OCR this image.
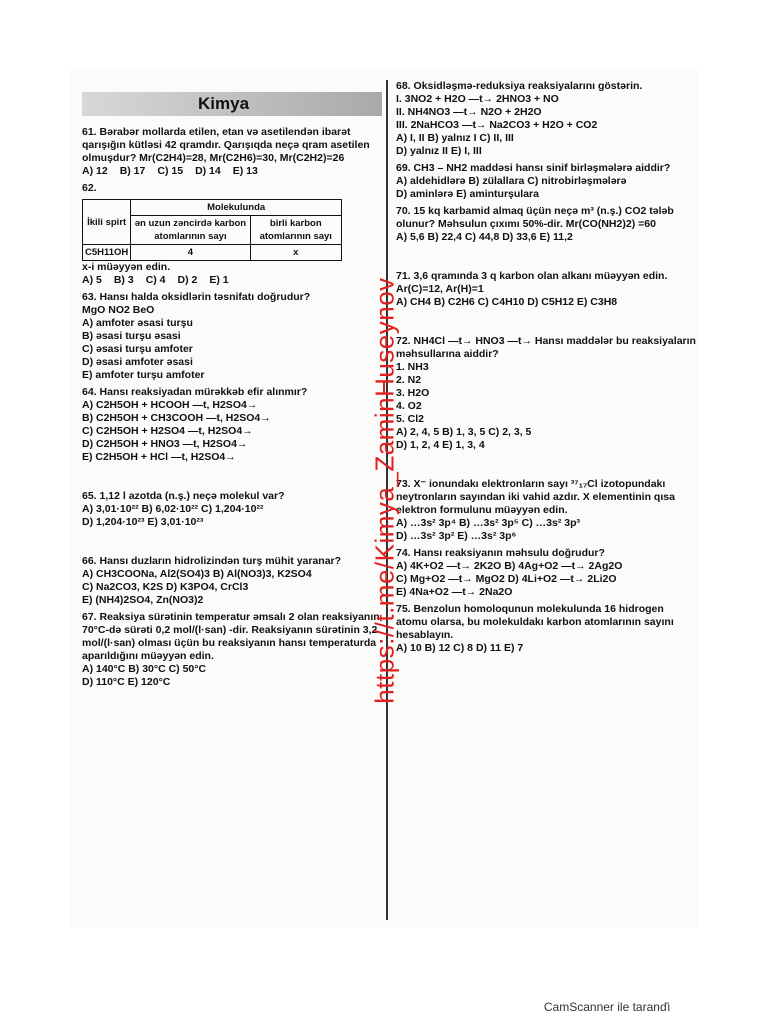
Kimya
61. Bərabər mollarda etilen, etan və asetilendən ibarət qarışığın kütləsi 42 qramdır. Qarışıqda neçə qram asetilen olmuşdur? Mr(C2H4)=28, Mr(C2H6)=30, Mr(C2H2)=26
A) 12 B) 17 C) 15 D) 14 E) 13
62.
İkili spirt	Molekulunda	
	ən uzun zəncirdə karbon atomlarının sayı	birli karbon atomlarının sayı
C5H11OH	4	x
x-i müəyyən edin.
A) 5 B) 3 C) 4 D) 2 E) 1
63. Hansı halda oksidlərin təsnifatı doğrudur?
MgO NO2 BeO
A) amfoter əsasi turşu
B) əsasi turşu əsasi
C) əsasi turşu amfoter
D) əsasi amfoter əsasi
E) amfoter turşu amfoter
64. Hansı reaksiyadan mürəkkəb efir alınmır?
A) C2H5OH + HCOOH —t, H2SO4→
B) C2H5OH + CH3COOH —t, H2SO4→
C) C2H5OH + H2SO4 —t, H2SO4→
D) C2H5OH + HNO3 —t, H2SO4→
E) C2H5OH + HCl —t, H2SO4→
65. 1,12 l azotda (n.ş.) neçə molekul var?
A) 3,01·10²² B) 6,02·10²² C) 1,204·10²²
D) 1,204·10²³ E) 3,01·10²³
66. Hansı duzların hidrolizindən turş mühit yaranar?
A) CH3COONa, Al2(SO4)3 B) Al(NO3)3, K2SO4
C) Na2CO3, K2S D) K3PO4, CrCl3
E) (NH4)2SO4, Zn(NO3)2
67. Reaksiya sürətinin temperatur əmsalı 2 olan reaksiyanın 70°C-də sürəti 0,2 mol/(l·san) -dir. Reaksiyanın sürətinin 3,2 mol/(l·san) olması üçün bu reaksiyanın hansı temperaturda aparıldığını müəyyən edin.
A) 140°C B) 30°C C) 50°C
D) 110°C E) 120°C
68. Oksidləşmə-reduksiya reaksiyalarını göstərin.
I. 3NO2 + H2O —t→ 2HNO3 + NO
II. NH4NO3 —t→ N2O + 2H2O
III. 2NaHCO3 —t→ Na2CO3 + H2O + CO2
A) I, II B) yalnız I C) II, III
D) yalnız II E) I, III
69. CH3 – NH2 maddəsi hansı sinif birləşmələrə aiddir?
A) aldehidlərə B) zülallara C) nitrobirləşmələrə
D) aminlərə E) aminturşulara
70. 15 kq karbamid almaq üçün neçə m³ (n.ş.) CO2 tələb olunur? Məhsulun çıxımı 50%-dir. Mr(CO(NH2)2) =60
A) 5,6 B) 22,4 C) 44,8 D) 33,6 E) 11,2
71. 3,6 qramında 3 q karbon olan alkanı müəyyən edin. Ar(C)=12, Ar(H)=1
A) CH4 B) C2H6 C) C4H10 D) C5H12 E) C3H8
72. NH4Cl —t→ HNO3 —t→ Hansı maddələr bu reaksiyaların məhsullarına aiddir?
1. NH3
2. N2
3. H2O
4. O2
5. Cl2
A) 2, 4, 5 B) 1, 3, 5 C) 2, 3, 5
D) 1, 2, 4 E) 1, 3, 4
73. X⁻ ionundakı elektronların sayı ³⁷₁₇Cl izotopundakı neytronların sayından iki vahid azdır. X elementinin qısa elektron formulunu müəyyən edin.
A) …3s² 3p⁴ B) …3s² 3p⁵ C) …3s² 3p³
D) …3s² 3p² E) …3s² 3p⁶
74. Hansı reaksiyanın məhsulu doğrudur?
A) 4K+O2 —t→ 2K2O B) 4Ag+O2 —t→ 2Ag2O
C) Mg+O2 —t→ MgO2 D) 4Li+O2 —t→ 2Li2O
E) 4Na+O2 —t→ 2Na2O
75. Benzolun homoloqunun molekulunda 16 hidrogen atomu olarsa, bu molekuldakı karbon atomlarının sayını hesablayın.
A) 10 B) 12 C) 8 D) 11 E) 7
https://t.me/Kimya_ZaminHuseynov
CamScanner ile taranďi
